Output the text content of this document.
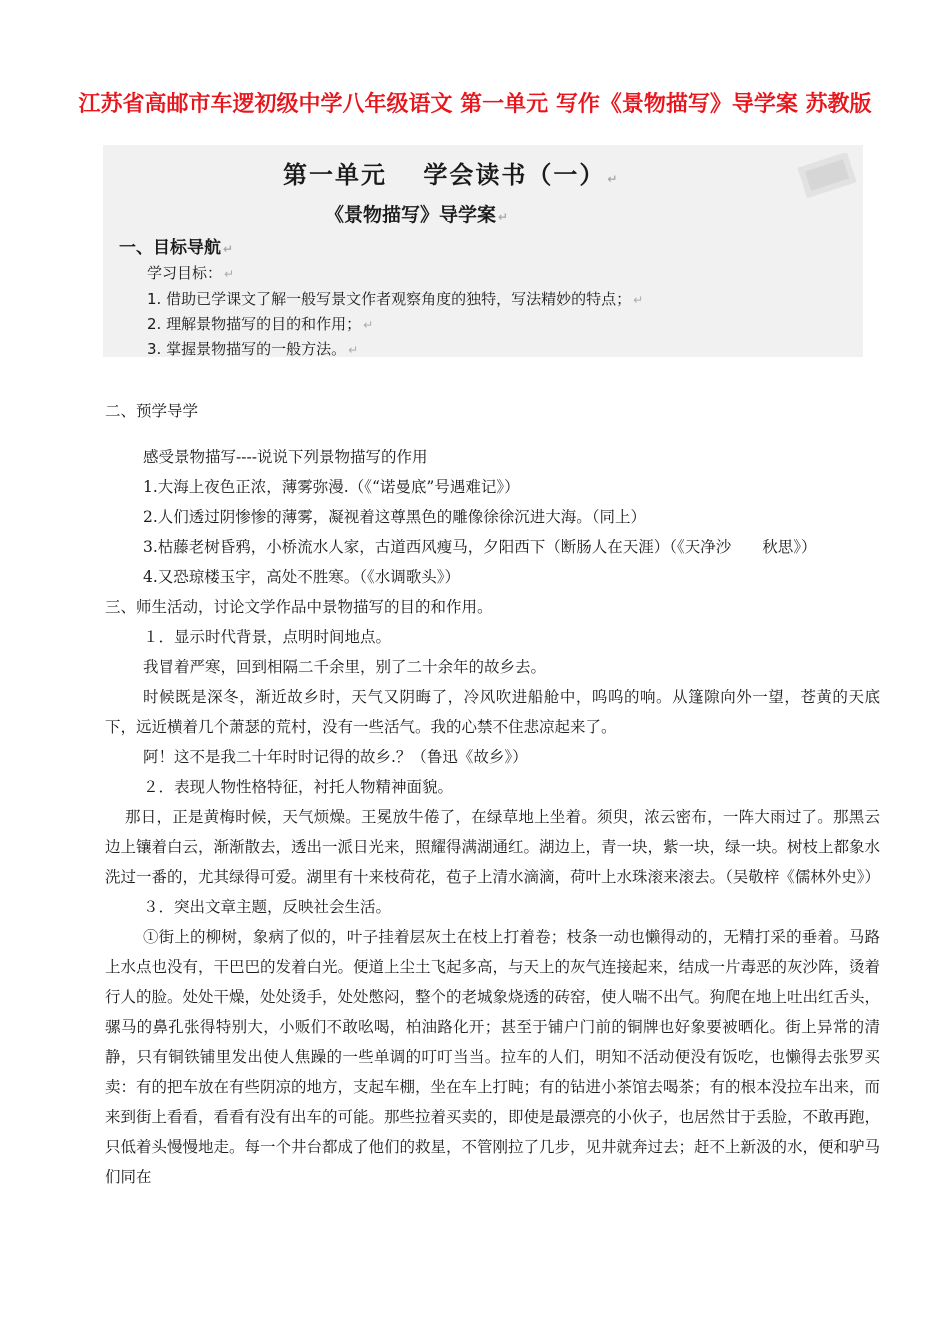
江苏省高邮市车逻初级中学八年级语文 第一单元 写作《景物描写》导学案 苏教版
第一单元　 学会读书（一） ↵
《景物描写》导学案 ↵
一、目标导航 ↵
学习目标： ↵
1. 借助已学课文了解一般写景文作者观察角度的独特，写法精妙的特点； ↵
2. 理解景物描写的目的和作用； ↵
3. 掌握景物描写的一般方法。 ↵

二、预学导学

感受景物描写----说说下列景物描写的作用

1.大海上夜色正浓，薄雾弥漫.（《“诺曼底”号遇难记》）

2.人们透过阴惨惨的薄雾，凝视着这尊黑色的雕像徐徐沉进大海。（同上）

3.枯藤老树昏鸦，小桥流水人家，古道西风瘦马，夕阳西下（断肠人在天涯）（《天净沙　　秋思》）

4.又恐琼楼玉宇，高处不胜寒。（《水调歌头》）

三、师生活动，讨论文学作品中景物描写的目的和作用。

１．显示时代背景，点明时间地点。

我冒着严寒，回到相隔二千余里，别了二十余年的故乡去。

时候既是深冬，渐近故乡时，天气又阴晦了，冷风吹进船舱中，呜呜的响。从篷隙向外一望，苍黄的天底下，远近横着几个萧瑟的荒村，没有一些活气。我的心禁不住悲凉起来了。

阿！这不是我二十年时时记得的故乡.？（鲁迅《故乡》）

２．表现人物性格特征，衬托人物精神面貌。

那日，正是黄梅时候，天气烦燥。王冕放牛倦了，在绿草地上坐着。须臾，浓云密布，一阵大雨过了。那黑云边上镶着白云，渐渐散去，透出一派日光来，照耀得满湖通红。湖边上，青一块，紫一块，绿一块。树枝上都象水洗过一番的，尤其绿得可爱。湖里有十来枝荷花，苞子上清水滴滴，荷叶上水珠滚来滚去。（吴敬梓《儒林外史》）

３．突出文章主题，反映社会生活。

①街上的柳树，象病了似的，叶子挂着层灰土在枝上打着卷；枝条一动也懒得动的，无精打采的垂着。马路上水点也没有，干巴巴的发着白光。便道上尘土飞起多高，与天上的灰气连接起来，结成一片毒恶的灰沙阵，烫着行人的脸。处处干燥，处处烫手，处处憋闷，整个的老城象烧透的砖窑，使人喘不出气。狗爬在地上吐出红舌头，骡马的鼻孔张得特别大，小贩们不敢吆喝，柏油路化开；甚至于铺户门前的铜牌也好象要被晒化。街上异常的清静，只有铜铁铺里发出使人焦躁的一些单调的叮叮当当。拉车的人们，明知不活动便没有饭吃，也懒得去张罗买卖：有的把车放在有些阴凉的地方，支起车棚，坐在车上打盹；有的钻进小茶馆去喝茶；有的根本没拉车出来，而来到街上看看，看看有没有出车的可能。那些拉着买卖的，即使是最漂亮的小伙子，也居然甘于丢脸，不敢再跑，只低着头慢慢地走。每一个井台都成了他们的救星，不管刚拉了几步，见井就奔过去；赶不上新汲的水，便和驴马们同在
